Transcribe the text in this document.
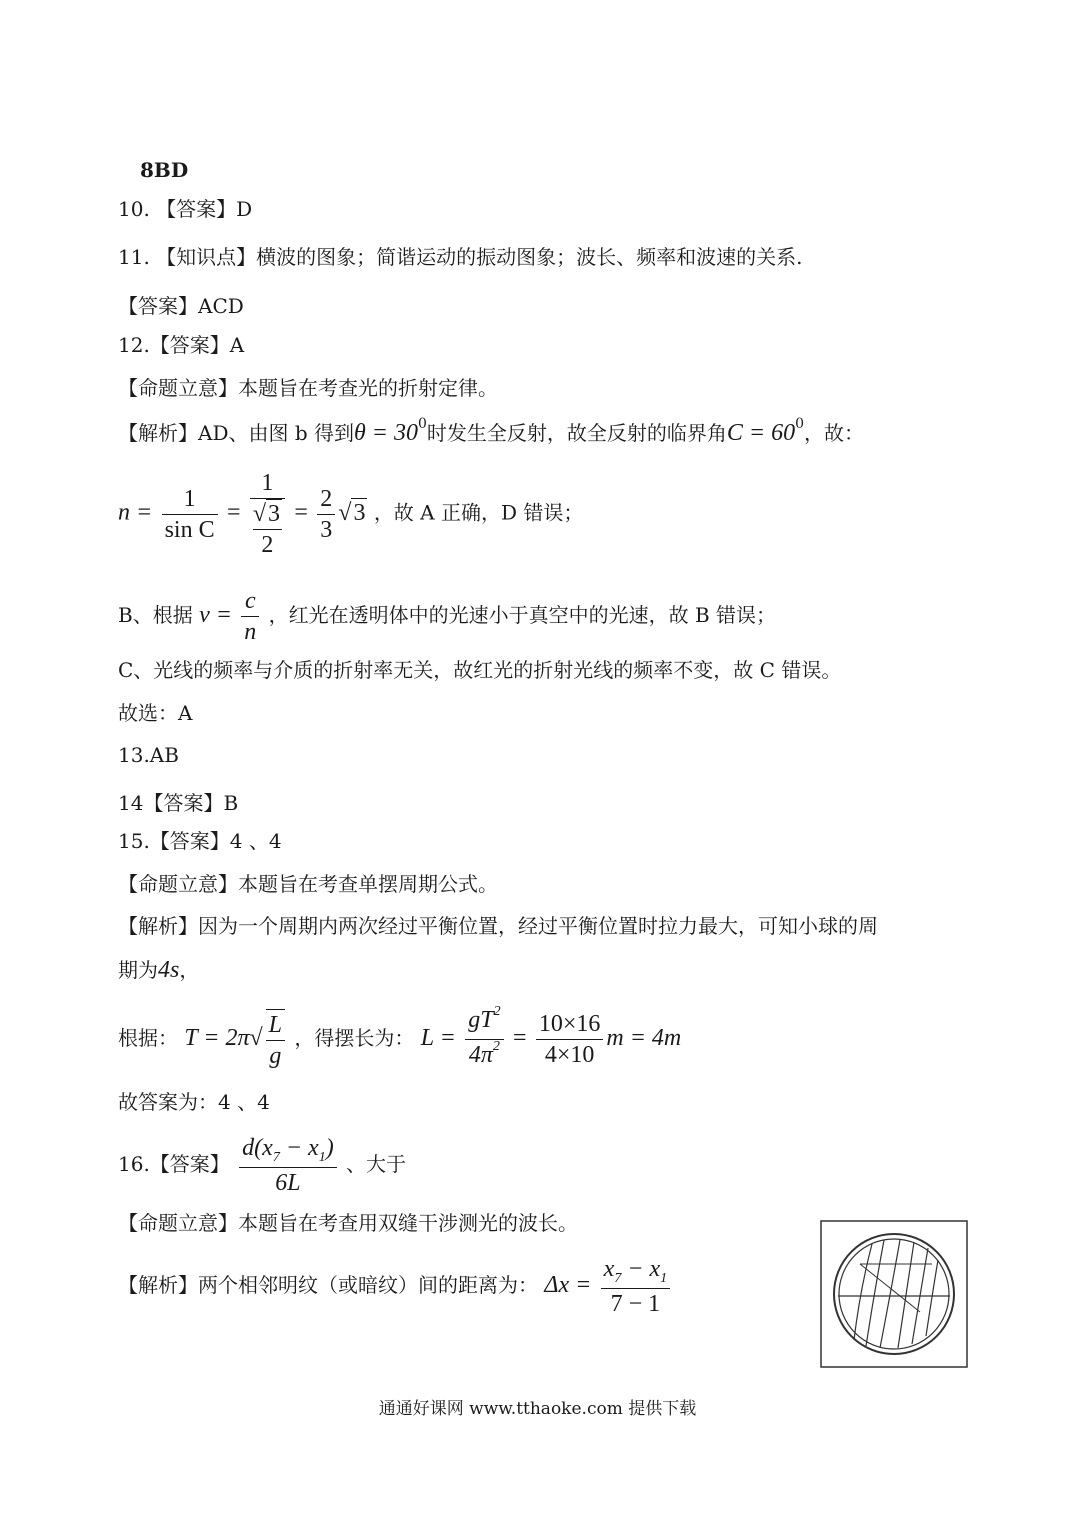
8BD
10. 【答案】D
11. 【知识点】横波的图象；简谐运动的振动图象；波长、频率和波速的关系.
【答案】ACD
12.【答案】A
【命题立意】本题旨在考查光的折射定律。
【解析】AD、由图 b 得到$\theta = 30^0$时发生全反射，故全反射的临界角$C = 60^0$，故：
$n = \frac{1}{\text{sin C}}$ =
1
√3
2
= $\frac{2}{3} √3$ ，故 A 正确，D 错误；
B、根据 $v = \frac{c}{n}$ ，红光在透明体中的光速小于真空中的光速，故 B 错误；
C、光线的频率与介质的折射率无关，故红光的折射光线的频率不变，故 C 错误。
故选：A
13.AB
14【答案】B
15.【答案】4 、4
【命题立意】本题旨在考查单摆周期公式。
【解析】因为一个周期内两次经过平衡位置，经过平衡位置时拉力最大，可知小球的周
期为4s，
根据： $T = 2\pi√ \frac{L}{g}$ ，得摆长为： $L = \frac{gT^2}{4\pi^2} = \frac{10\times 16}{4\times 10}$ m = 4m
故答案为：4 、4
16.【答案】 $\frac{d(x_7 - x_1)}{6L}$ 、大于
【命题立意】本题旨在考查用双缝干涉测光的波长。
【解析】两个相邻明纹（或暗纹）间的距离为： $\Delta x = \frac{x_7 - x_1}{7 - 1}$
通通好课网 www.tthaoke.com 提供下载
